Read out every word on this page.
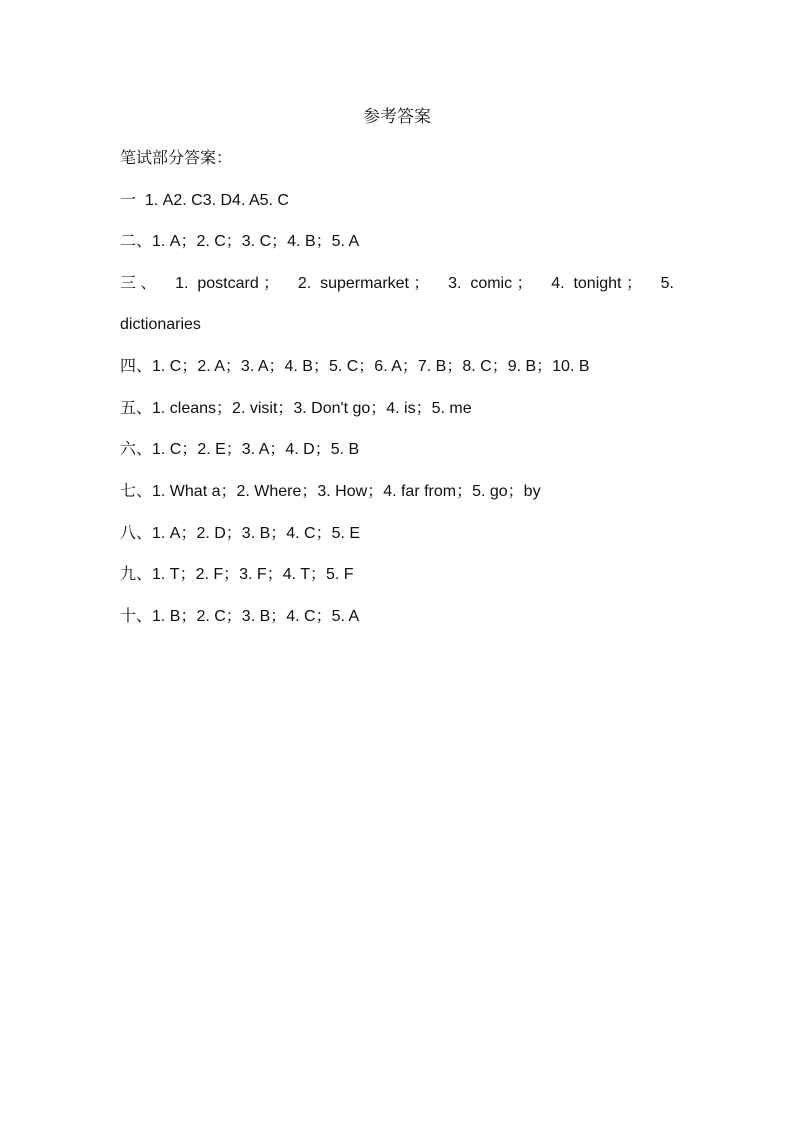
参考答案
笔试部分答案：
一  1. A2. C3. D4. A5. C
二、1. A；2. C；3. C；4. B；5. A
三 、 1.  postcard ； 2.  supermarket ； 3.  comic ； 4.  tonight ； 5.
dictionaries
四、1. C；2. A；3. A；4. B；5. C；6. A；7. B；8. C；9. B；10. B
五、1. cleans；2. visit；3. Don't go；4. is；5. me
六、1. C；2. E；3. A；4. D；5. B
七、1. What a；2. Where；3. How；4. far from；5. go；by
八、1. A；2. D；3. B；4. C；5. E
九、1. T；2. F；3. F；4. T；5. F
十、1. B；2. C；3. B；4. C；5. A
